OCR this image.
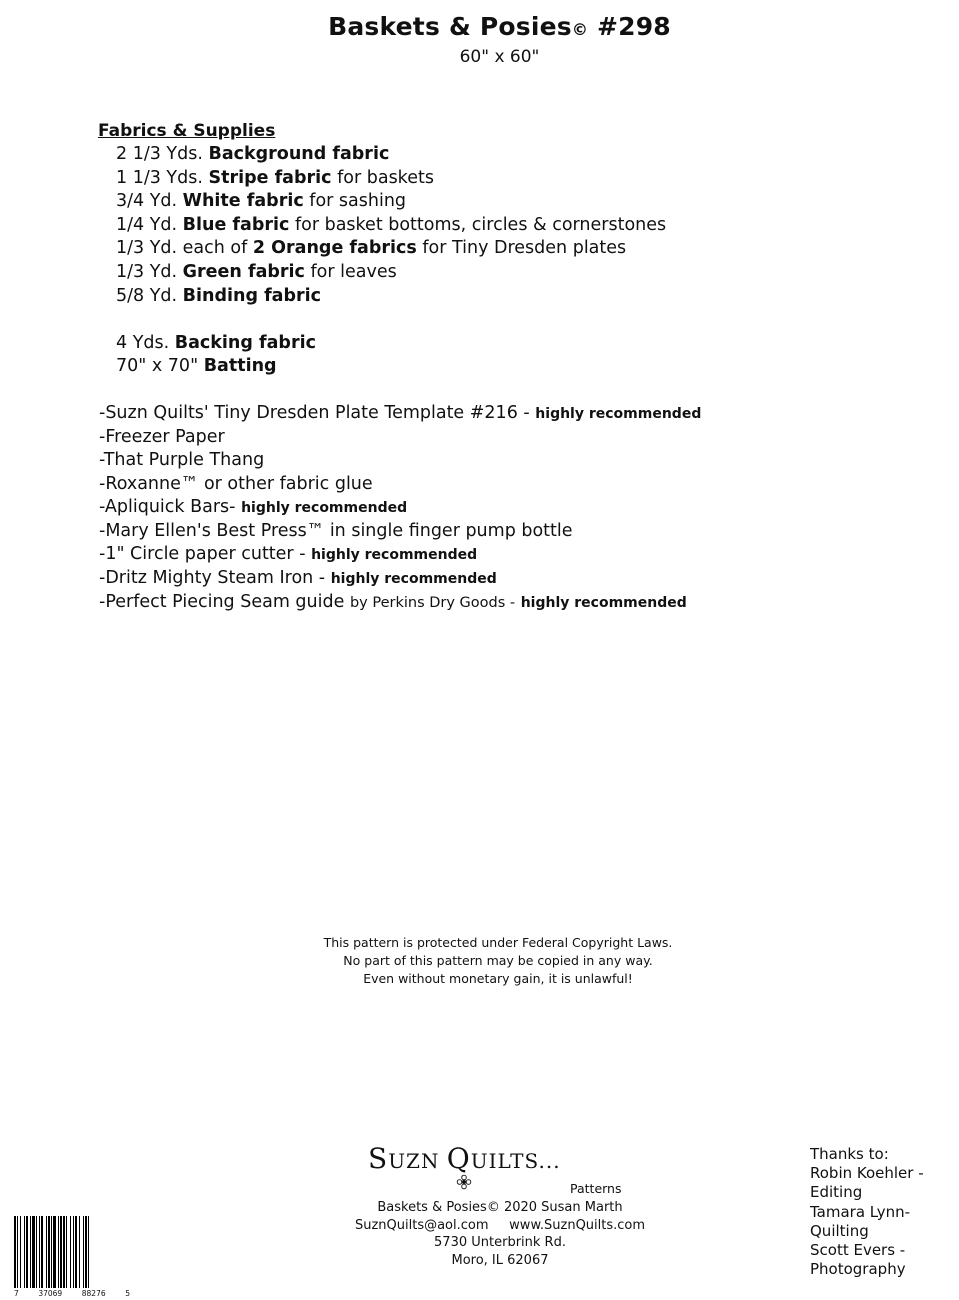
Baskets & Posies© #298
60" x 60"
Fabrics & Supplies
2 1/3 Yds. Background fabric
1 1/3 Yds. Stripe fabric for baskets
3/4 Yd. White fabric for sashing
1/4 Yd. Blue fabric for basket bottoms, circles & cornerstones
1/3 Yd. each of 2 Orange fabrics for Tiny Dresden plates
1/3 Yd. Green fabric for leaves
5/8 Yd. Binding fabric
4 Yds. Backing fabric
70" x 70" Batting
-Suzn Quilts' Tiny Dresden Plate Template #216 - highly recommended
-Freezer Paper
-That Purple Thang
-Roxanne™ or other fabric glue
-Apliquick Bars- highly recommended
-Mary Ellen's Best Press™ in single finger pump bottle
-1" Circle paper cutter - highly recommended
-Dritz Mighty Steam Iron - highly recommended
-Perfect Piecing Seam guide by Perkins Dry Goods - highly recommended
This pattern is protected under Federal Copyright Laws.
No part of this pattern may be copied in any way.
Even without monetary gain, it is unlawful!
SUZN QUILTS...
Patterns
Baskets & Posies© 2020 Susan Marth
SuznQuilts@aol.com     www.SuznQuilts.com
5730 Unterbrink Rd.
Moro, IL 62067
Thanks to:
Robin Koehler -
Editing
Tamara Lynn-
Quilting
Scott Evers -
Photography
7	37069	88276	5
